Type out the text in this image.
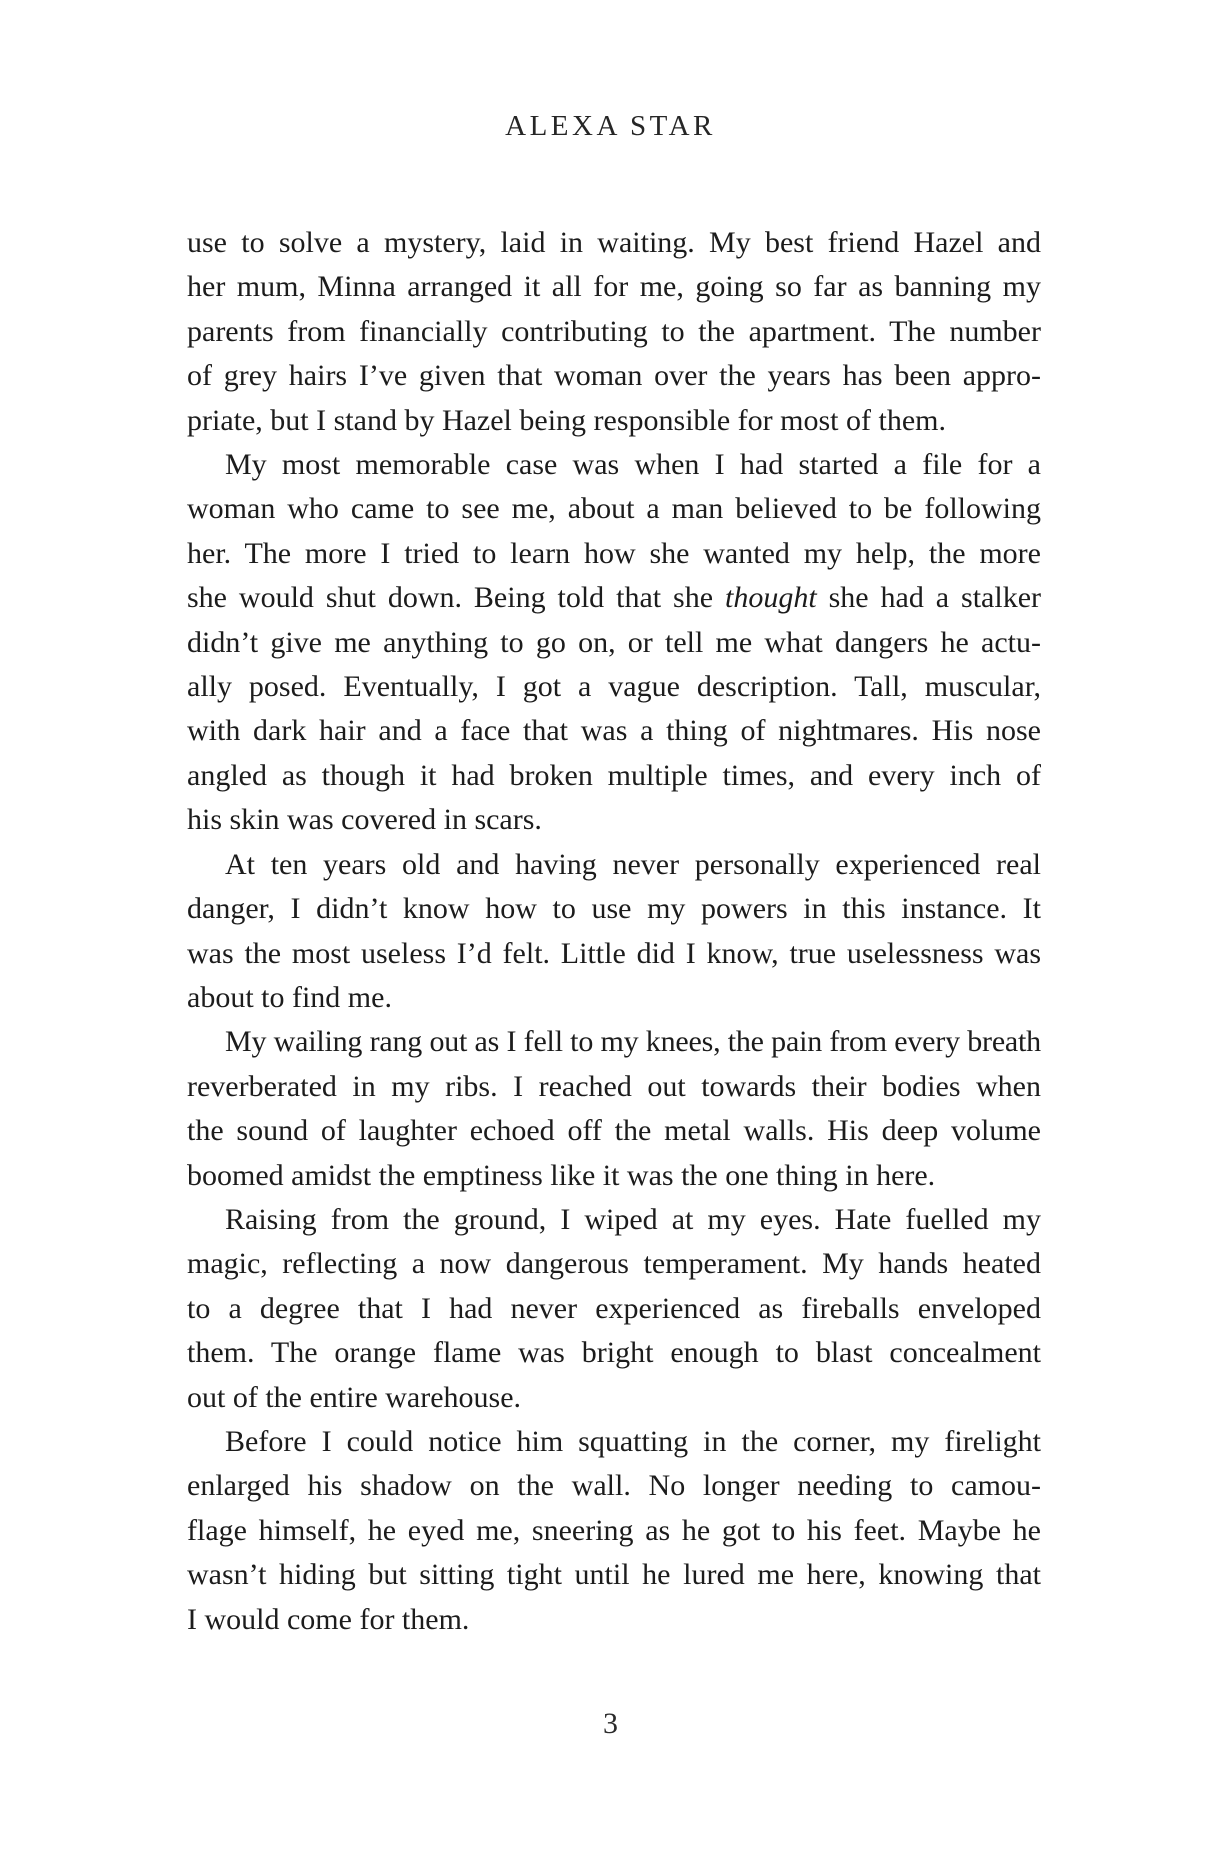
ALEXA STAR
use to solve a mystery, laid in waiting. My best friend Hazel and
her mum, Minna arranged it all for me, going so far as banning my
parents from financially contributing to the apartment. The number
of grey hairs I’ve given that woman over the years has been appro-
priate, but I stand by Hazel being responsible for most of them.
My most memorable case was when I had started a file for a
woman who came to see me, about a man believed to be following
her. The more I tried to learn how she wanted my help, the more
she would shut down. Being told that she thought she had a stalker
didn’t give me anything to go on, or tell me what dangers he actu-
ally posed. Eventually, I got a vague description. Tall, muscular,
with dark hair and a face that was a thing of nightmares. His nose
angled as though it had broken multiple times, and every inch of
his skin was covered in scars.
At ten years old and having never personally experienced real
danger, I didn’t know how to use my powers in this instance. It
was the most useless I’d felt. Little did I know, true uselessness was
about to find me.
My wailing rang out as I fell to my knees, the pain from every breath
reverberated in my ribs. I reached out towards their bodies when
the sound of laughter echoed off the metal walls. His deep volume
boomed amidst the emptiness like it was the one thing in here.
Raising from the ground, I wiped at my eyes. Hate fuelled my
magic, reflecting a now dangerous temperament. My hands heated
to a degree that I had never experienced as fireballs enveloped
them. The orange flame was bright enough to blast concealment
out of the entire warehouse.
Before I could notice him squatting in the corner, my firelight
enlarged his shadow on the wall. No longer needing to camou-
flage himself, he eyed me, sneering as he got to his feet. Maybe he
wasn’t hiding but sitting tight until he lured me here, knowing that
I would come for them.
3
